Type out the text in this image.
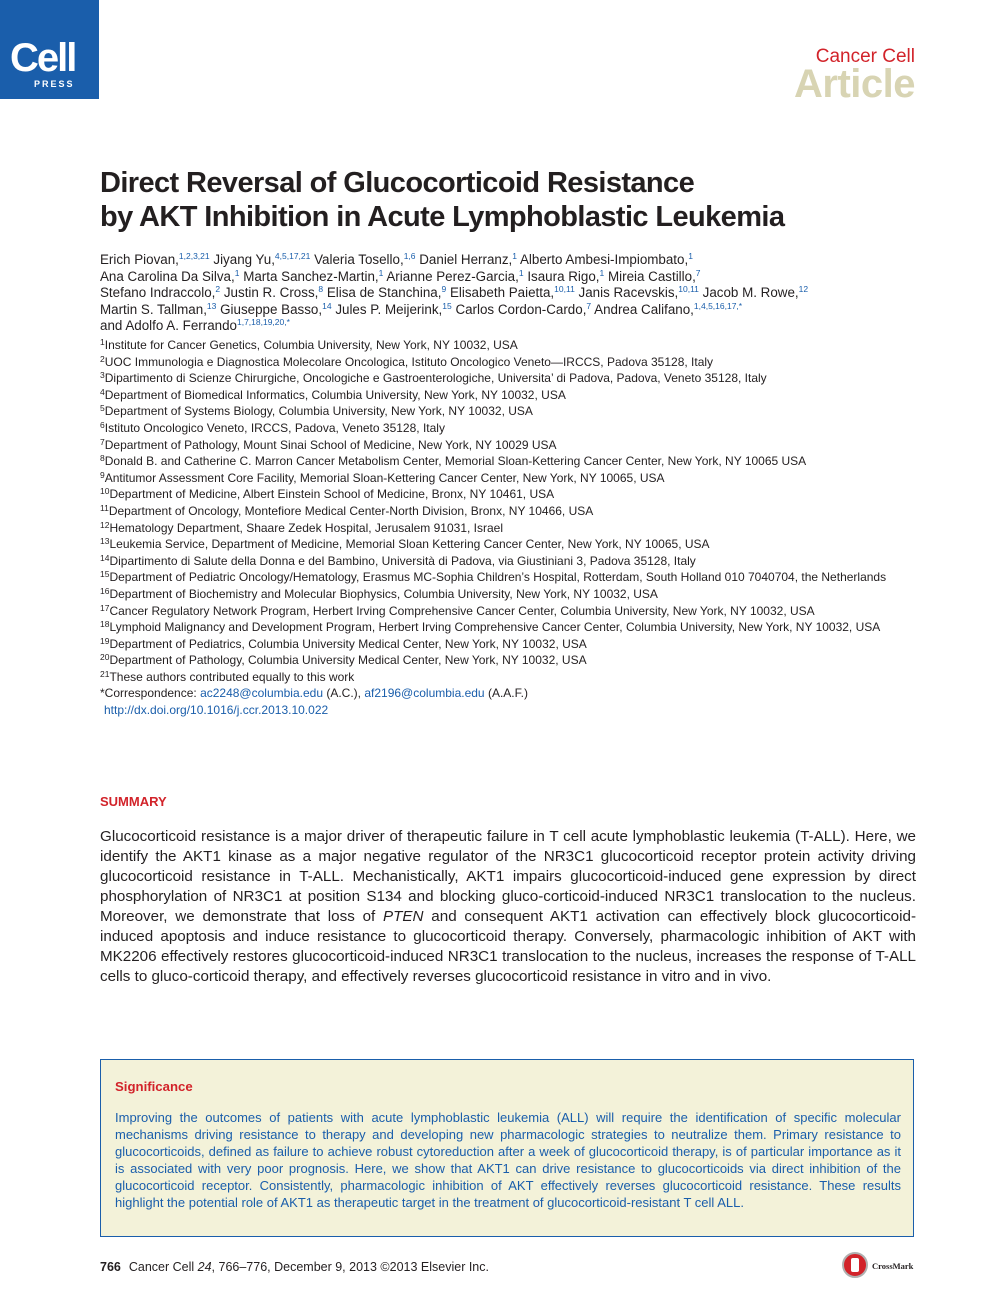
Cell
PRESS
Cancer Cell
Article
Direct Reversal of Glucocorticoid Resistance
by AKT Inhibition in Acute Lymphoblastic Leukemia
Erich Piovan,$^{1,2,3,21}$ Jiyang Yu,$^{4,5,17,21}$ Valeria Tosello,$^{1,6}$ Daniel Herranz,$^1$ Alberto Ambesi-Impiombato,$^1$
Ana Carolina Da Silva,$^1$ Marta Sanchez-Martin,$^1$ Arianne Perez-Garcia,$^1$ Isaura Rigo,$^1$ Mireia Castillo,$^7$
Stefano Indraccolo,$^2$ Justin R. Cross,$^8$ Elisa de Stanchina,$^9$ Elisabeth Paietta,$^{10,11}$ Janis Racevskis,$^{10,11}$ Jacob M. Rowe,$^{12}$
Martin S. Tallman,$^{13}$ Giuseppe Basso,$^{14}$ Jules P. Meijerink,$^{15}$ Carlos Cordon-Cardo,$^7$ Andrea Califano,$^{1,4,5,16,17,*}$
and Adolfo A. Ferrando$^{1,7,18,19,20,*}$
$^1$Institute for Cancer Genetics, Columbia University, New York, NY 10032, USA
$^2$UOC Immunologia e Diagnostica Molecolare Oncologica, Istituto Oncologico Veneto—IRCCS, Padova 35128, Italy
$^3$Dipartimento di Scienze Chirurgiche, Oncologiche e Gastroenterologiche, Universita’ di Padova, Padova, Veneto 35128, Italy
$^4$Department of Biomedical Informatics, Columbia University, New York, NY 10032, USA
$^5$Department of Systems Biology, Columbia University, New York, NY 10032, USA
$^6$Istituto Oncologico Veneto, IRCCS, Padova, Veneto 35128, Italy
$^7$Department of Pathology, Mount Sinai School of Medicine, New York, NY 10029 USA
$^8$Donald B. and Catherine C. Marron Cancer Metabolism Center, Memorial Sloan-Kettering Cancer Center, New York, NY 10065 USA
$^9$Antitumor Assessment Core Facility, Memorial Sloan-Kettering Cancer Center, New York, NY 10065, USA
$^{10}$Department of Medicine, Albert Einstein School of Medicine, Bronx, NY 10461, USA
$^{11}$Department of Oncology, Montefiore Medical Center-North Division, Bronx, NY 10466, USA
$^{12}$Hematology Department, Shaare Zedek Hospital, Jerusalem 91031, Israel
$^{13}$Leukemia Service, Department of Medicine, Memorial Sloan Kettering Cancer Center, New York, NY 10065, USA
$^{14}$Dipartimento di Salute della Donna e del Bambino, Università di Padova, via Giustiniani 3, Padova 35128, Italy
$^{15}$Department of Pediatric Oncology/Hematology, Erasmus MC-Sophia Children’s Hospital, Rotterdam, South Holland 010 7040704, the Netherlands
$^{16}$Department of Biochemistry and Molecular Biophysics, Columbia University, New York, NY 10032, USA
$^{17}$Cancer Regulatory Network Program, Herbert Irving Comprehensive Cancer Center, Columbia University, New York, NY 10032, USA
$^{18}$Lymphoid Malignancy and Development Program, Herbert Irving Comprehensive Cancer Center, Columbia University, New York, NY 10032, USA
$^{19}$Department of Pediatrics, Columbia University Medical Center, New York, NY 10032, USA
$^{20}$Department of Pathology, Columbia University Medical Center, New York, NY 10032, USA
$^{21}$These authors contributed equally to this work
*Correspondence: ac2248@columbia.edu (A.C.), af2196@columbia.edu (A.A.F.)
http://dx.doi.org/10.1016/j.ccr.2013.10.022
SUMMARY
Glucocorticoid resistance is a major driver of therapeutic failure in T cell acute lymphoblastic leukemia (T-ALL). Here, we identify the AKT1 kinase as a major negative regulator of the NR3C1 glucocorticoid receptor protein activity driving glucocorticoid resistance in T-ALL. Mechanistically, AKT1 impairs glucocorticoid-induced gene expression by direct phosphorylation of NR3C1 at position S134 and blocking gluco-corticoid-induced NR3C1 translocation to the nucleus. Moreover, we demonstrate that loss of PTEN and consequent AKT1 activation can effectively block glucocorticoid-induced apoptosis and induce resistance to glucocorticoid therapy. Conversely, pharmacologic inhibition of AKT with MK2206 effectively restores glucocorticoid-induced NR3C1 translocation to the nucleus, increases the response of T-ALL cells to gluco-corticoid therapy, and effectively reverses glucocorticoid resistance in vitro and in vivo.
Significance
Improving the outcomes of patients with acute lymphoblastic leukemia (ALL) will require the identification of specific molecular mechanisms driving resistance to therapy and developing new pharmacologic strategies to neutralize them. Primary resistance to glucocorticoids, defined as failure to achieve robust cytoreduction after a week of glucocorticoid therapy, is of particular importance as it is associated with very poor prognosis. Here, we show that AKT1 can drive resistance to glucocorticoids via direct inhibition of the glucocorticoid receptor. Consistently, pharmacologic inhibition of AKT effectively reverses glucocorticoid resistance. These results highlight the potential role of AKT1 as therapeutic target in the treatment of glucocorticoid-resistant T cell ALL.
766 Cancer Cell 24, 766–776, December 9, 2013 ©2013 Elsevier Inc.	CrossMark
